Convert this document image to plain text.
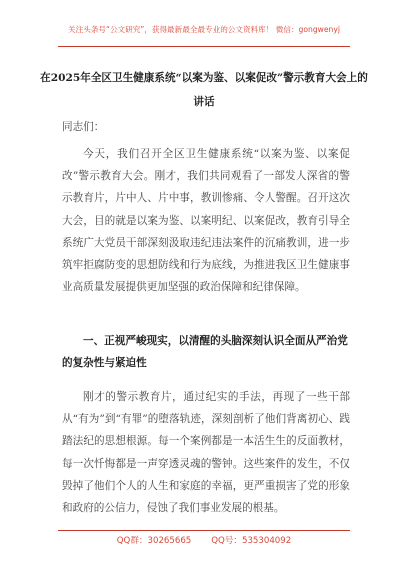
关注头条号“公文研究”，获得最新最全最专业的公文资料库！ 微信：gongwenyj
在2025年全区卫生健康系统“以案为鉴、以案促改”警示教育大会上的讲话
同志们：
今天，我们召开全区卫生健康系统“以案为鉴、以案促改”警示教育大会。刚才，我们共同观看了一部发人深省的警示教育片，片中人、片中事，教训惨痛、令人警醒。召开这次大会，目的就是以案为鉴、以案明纪、以案促改，教育引导全系统广大党员干部深刻汲取违纪违法案件的沉痛教训，进一步筑牢拒腐防变的思想防线和行为底线，为推进我区卫生健康事业高质量发展提供更加坚强的政治保障和纪律保障。
一、正视严峻现实，以清醒的头脑深刻认识全面从严治党的复杂性与紧迫性
刚才的警示教育片，通过纪实的手法，再现了一些干部从“有为”到“有罪”的堕落轨迹，深刻剖析了他们背离初心、践踏法纪的思想根源。每一个案例都是一本活生生的反面教材，每一次忏悔都是一声穿透灵魂的警钟。这些案件的发生，不仅毁掉了他们个人的人生和家庭的幸福，更严重损害了党的形象和政府的公信力，侵蚀了我们事业发展的根基。
QQ群：30265665 QQ号：535304092
